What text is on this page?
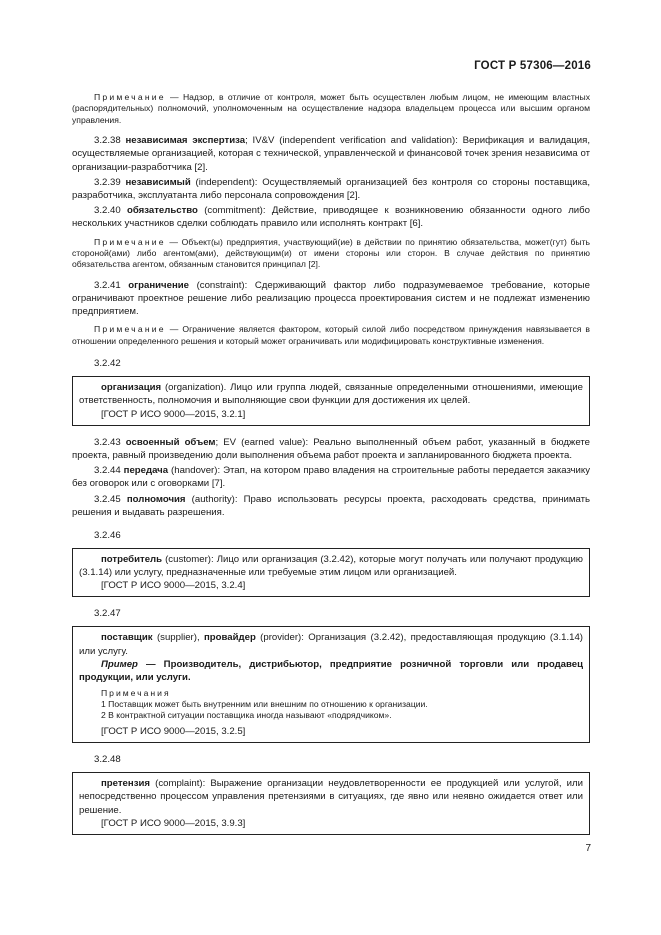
ГОСТ Р 57306—2016
Примечание — Надзор, в отличие от контроля, может быть осуществлен любым лицом, не имеющим властных (распорядительных) полномочий, уполномоченным на осуществление надзора владельцем процесса или высшим органом управления.
3.2.38 независимая экспертиза; IV&V (independent verification and validation): Верификация и валидация, осуществляемые организацией, которая с технической, управленческой и финансовой точек зрения независима от организации-разработчика [2].
3.2.39 независимый (independent): Осуществляемый организацией без контроля со стороны поставщика, разработчика, эксплуатанта либо персонала сопровождения [2].
3.2.40 обязательство (commitment): Действие, приводящее к возникновению обязанности одного либо нескольких участников сделки соблюдать правило или исполнять контракт [6].
Примечание — Объект(ы) предприятия, участвующий(ие) в действии по принятию обязательства, может(гут) быть стороной(ами) либо агентом(ами), действующим(и) от имени стороны или сторон. В случае действия по принятию обязательства агентом, обязанным становится принципал [2].
3.2.41 ограничение (constraint): Сдерживающий фактор либо подразумеваемое требование, которые ограничивают проектное решение либо реализацию процесса проектирования систем и не подлежат изменению предприятием.
Примечание — Ограничение является фактором, который силой либо посредством принуждения навязывается в отношении определенного решения и который может ограничивать или модифицировать конструктивные изменения.
3.2.42
организация (organization). Лицо или группа людей, связанные определенными отношениями, имеющие ответственность, полномочия и выполняющие свои функции для достижения их целей.
[ГОСТ Р ИСО 9000—2015, 3.2.1]
3.2.43 освоенный объем; EV (earned value): Реально выполненный объем работ, указанный в бюджете проекта, равный произведению доли выполнения объема работ проекта и запланированного бюджета проекта.
3.2.44 передача (handover): Этап, на котором право владения на строительные работы передается заказчику без оговорок или с оговорками [7].
3.2.45 полномочия (authority): Право использовать ресурсы проекта, расходовать средства, принимать решения и выдавать разрешения.
3.2.46
потребитель (customer): Лицо или организация (3.2.42), которые могут получать или получают продукцию (3.1.14) или услугу, предназначенные или требуемые этим лицом или организацией.
[ГОСТ Р ИСО 9000—2015, 3.2.4]
3.2.47
поставщик (supplier), провайдер (provider): Организация (3.2.42), предоставляющая продукцию (3.1.14) или услугу.
Пример — Производитель, дистрибьютор, предприятие розничной торговли или продавец продукции, или услуги.
Примечания
1 Поставщик может быть внутренним или внешним по отношению к организации.
2 В контрактной ситуации поставщика иногда называют «подрядчиком».
[ГОСТ Р ИСО 9000—2015, 3.2.5]
3.2.48
претензия (complaint): Выражение организации неудовлетворенности ее продукцией или услугой, или непосредственно процессом управления претензиями в ситуациях, где явно или неявно ожидается ответ или решение.
[ГОСТ Р ИСО 9000—2015, 3.9.3]
7
